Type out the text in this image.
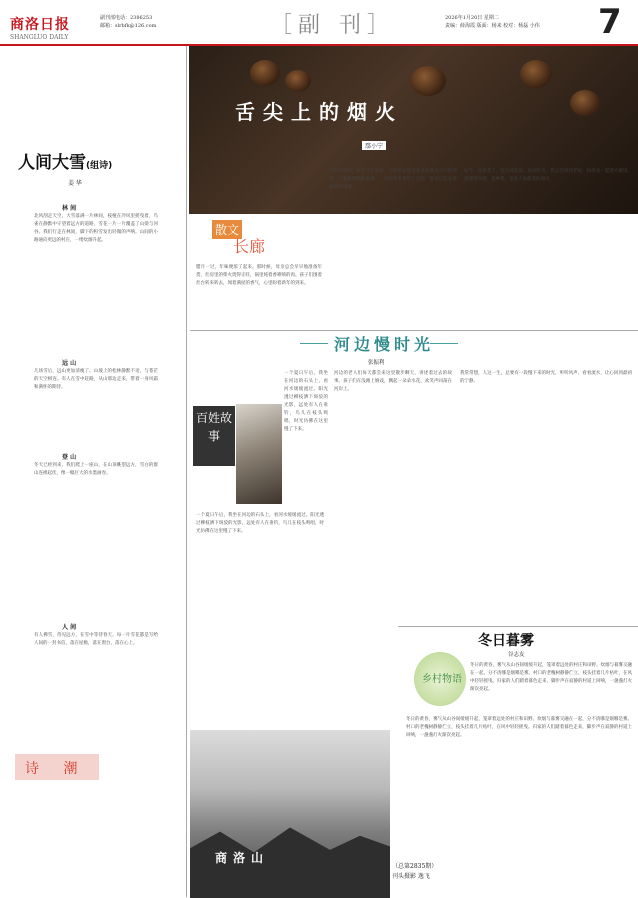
商洛日报
SHANGLUO DAILY
副刊部电话：2386253
邮箱：slrbfk@126.com	［副 刊］	2026年1月20日 星期二
责编：薛海霞 版面：杨来 校对：杨磊 小伟 7
人间大雪(组诗)
姜 华
林 间
北风刮走天空，大雪落满一片林间，枝桠在冷风里摇曳着，鸟雀在静默中守望着远方的道路，雪花一片一片覆盖了山梁与河谷。我们行走在林间，脚下的积雪发出轻微的声响。山间的小路通向更远的村庄，一缕炊烟升起。
远 山
几场雪后，远山更加清瘦了。山坡上的松林静默不语，与苍茫的天空相连。有人在雪中赶路，从山那边走来，带着一身风霜和满怀的期待。
登 山
冬天已经到来，我们爬上一座山，在山顶眺望远方，雪白的群山连绵起伏，像一幅巨大的水墨画卷。
人 间
有人拂雪，待见远方，在雪中等待春天。每一片雪花都是写给人间的一封书信，落在屋檐，落在窗台，落在心上。
诗 潮
舌尖上的烟火
鄢小宁
散文
长廊
腊月一过，年味便浓了起来。那时候，母亲总会早早地准备年货，灶房里的柴火烧得正旺，锅里炖着香喷喷的肉。孩子们围着灶台转来转去，闻着满屋的香气，心里盼着新年的到来。
记得小时候，家里并不富裕，可母亲总能变着花样做出可口的饭菜。一碗热腾腾的面条，一盘炒得金黄的土豆丝，都是记忆里最温暖的味道。
如今，母亲老了，灶台却依旧。每到年关，我总会回到老屋，和母亲一起烧火做饭，那缕缕炊烟，是乡愁，也是人间最美的烟火。
河边慢时光
张振利
百姓故事
一个夏日午后，我坐在河边的石头上，看河水缓缓流过。阳光透过柳枝洒下斑驳的光影，远处有人在垂钓，鸟儿在枝头鸣唱，时光仿佛在这里慢了下来。
河边的老人们每天都会来这里散步聊天，讲述着过去的故事。孩子们在浅滩上嬉戏，溅起一朵朵水花，欢笑声回荡在河岸上。
我常常想，人这一生，总要有一段慢下来的时光，听听风声，看看流水，让心回到最初的宁静。
商洛山
一个夏日午后，我坐在河边的石头上，看河水缓缓流过。阳光透过柳枝洒下斑驳的光影，远处有人在垂钓，鸟儿在枝头鸣唱，时光仿佛在这里慢了下来。
（总第2835期）
刊头摄影 逸飞
冬日暮雾
谷志友
乡村物语
冬日的黄昏，雾气从山谷间缓缓升起，笼罩着远处的村庄和田野。炊烟与暮雾交融在一起，分不清哪是烟哪是雾。村口的老槐树静静伫立，枝头挂着几片枯叶，在风中轻轻摇曳。归家的人们踏着暮色走来，脚步声在寂静的村道上回响，一盏盏灯火渐次亮起。
冬日的黄昏，雾气从山谷间缓缓升起，笼罩着远处的村庄和田野。炊烟与暮雾交融在一起，分不清哪是烟哪是雾。村口的老槐树静静伫立，枝头挂着几片枯叶，在风中轻轻摇曳。归家的人们踏着暮色走来，脚步声在寂静的村道上回响，一盏盏灯火渐次亮起。
